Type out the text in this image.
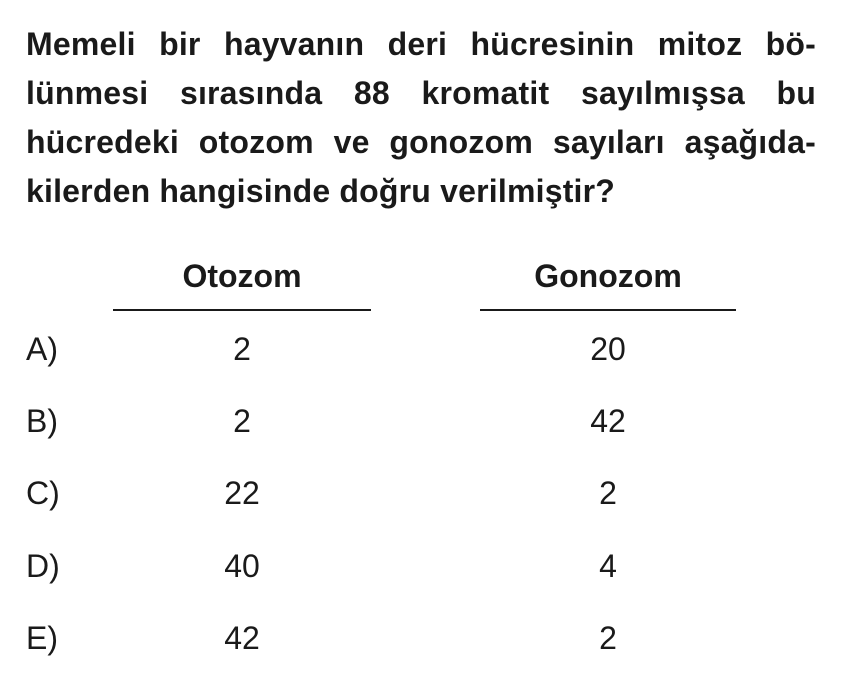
Memeli bir hayvanın deri hücresinin mitoz bö-
lünmesi sırasında 88 kromatit sayılmışsa bu
hücredeki otozom ve gonozom sayıları aşağıda-
kilerden hangisinde doğru verilmiştir?
Otozom	Gonozom
A)	2	20
B)	2	42
C)	22	2
D)	40	4
E)	42	2
